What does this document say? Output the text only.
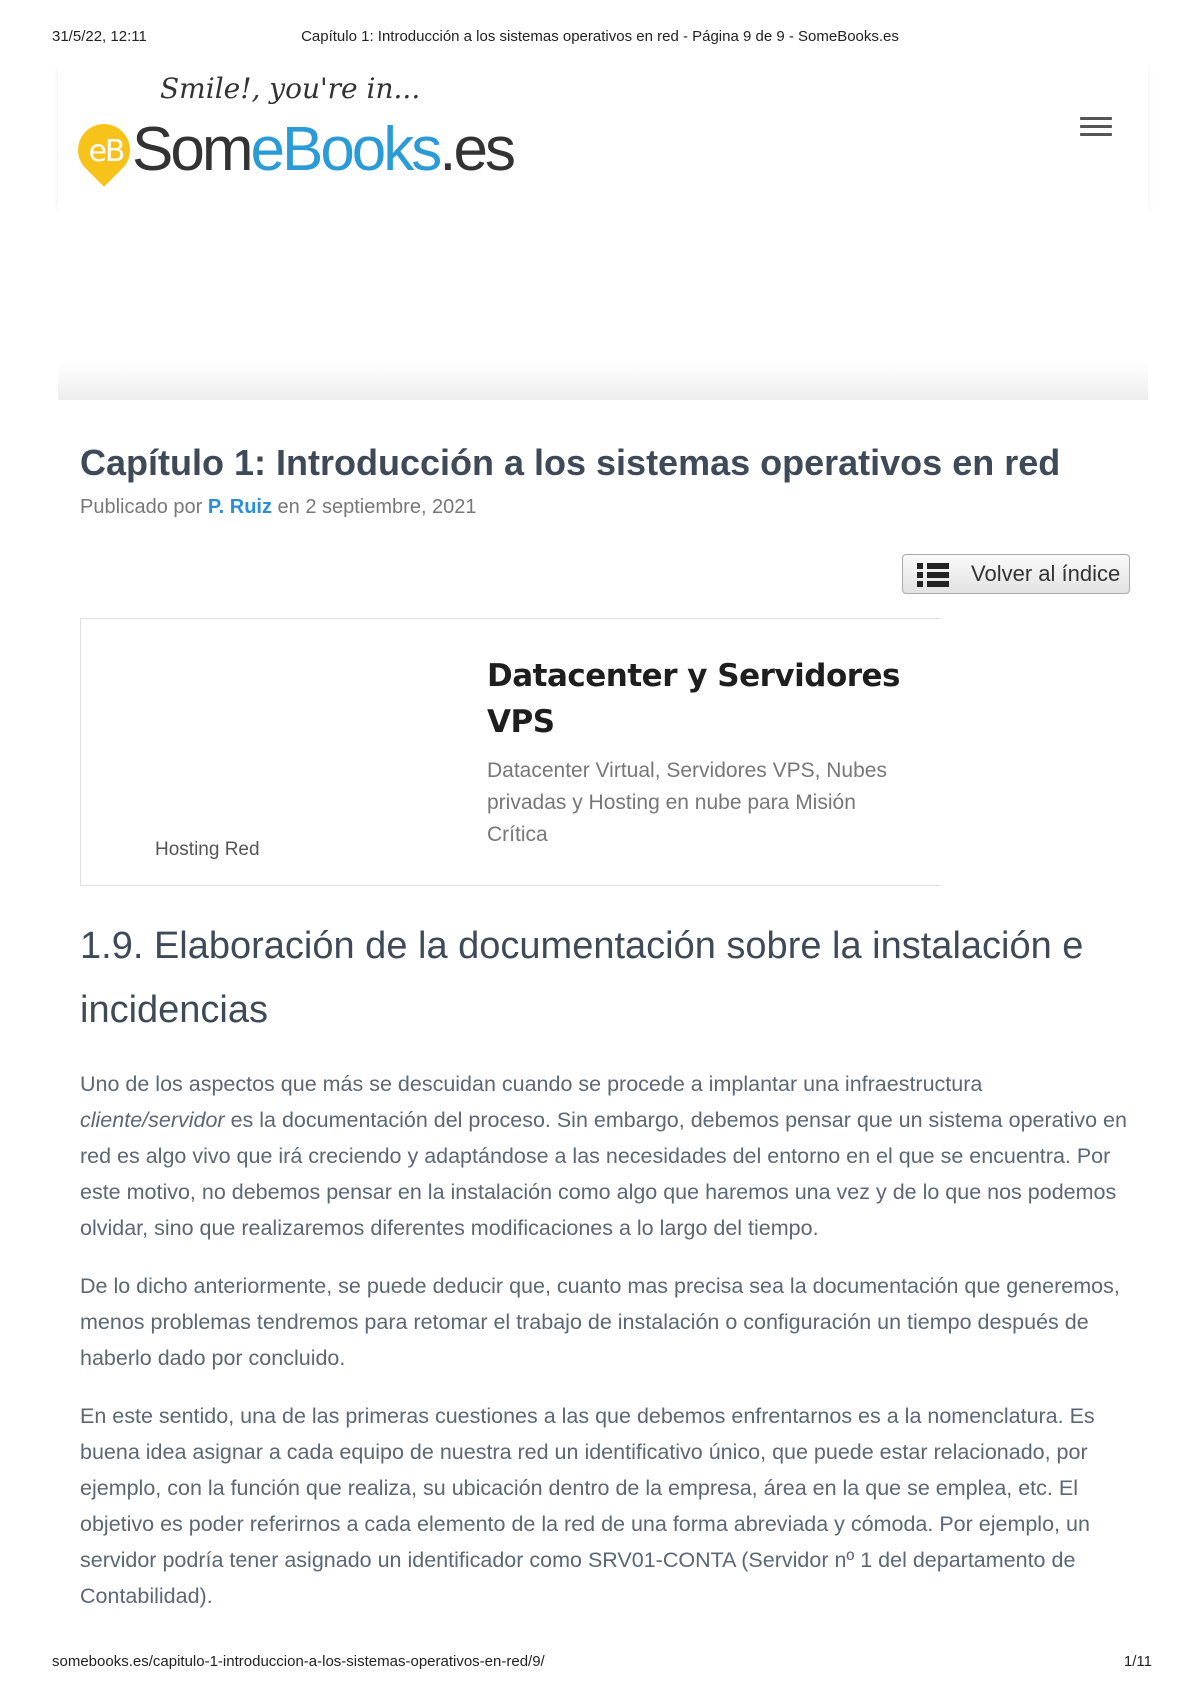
31/5/22, 12:11	Capítulo 1: Introducción a los sistemas operativos en red - Página 9 de 9 - SomeBooks.es
eB
Smile!, you're in...
SomeBooks.es
Capítulo 1: Introducción a los sistemas operativos en red
Publicado por P. Ruiz en 2 septiembre, 2021
Volver al índice
Hosting Red
Datacenter y Servidores VPS
Datacenter Virtual, Servidores VPS, Nubes privadas y Hosting en nube para Misión Crítica
1.9. Elaboración de la documentación sobre la instalación e incidencias

Uno de los aspectos que más se descuidan cuando se procede a implantar una infraestructura cliente/servidor es la documentación del proceso. Sin embargo, debemos pensar que un sistema operativo en red es algo vivo que irá creciendo y adaptándose a las necesidades del entorno en el que se encuentra. Por este motivo, no debemos pensar en la instalación como algo que haremos una vez y de lo que nos podemos olvidar, sino que realizaremos diferentes modificaciones a lo largo del tiempo.

De lo dicho anteriormente, se puede deducir que, cuanto mas precisa sea la documentación que generemos, menos problemas tendremos para retomar el trabajo de instalación o configuración un tiempo después de haberlo dado por concluido.

En este sentido, una de las primeras cuestiones a las que debemos enfrentarnos es a la nomenclatura. Es buena idea asignar a cada equipo de nuestra red un identificativo único, que puede estar relacionado, por ejemplo, con la función que realiza, su ubicación dentro de la empresa, área en la que se emplea, etc. El objetivo es poder referirnos a cada elemento de la red de una forma abreviada y cómoda. Por ejemplo, un servidor podría tener asignado un identificador como SRV01-CONTA (Servidor nº 1 del departamento de Contabilidad).

somebooks.es/capitulo-1-introduccion-a-los-sistemas-operativos-en-red/9/	1/11
